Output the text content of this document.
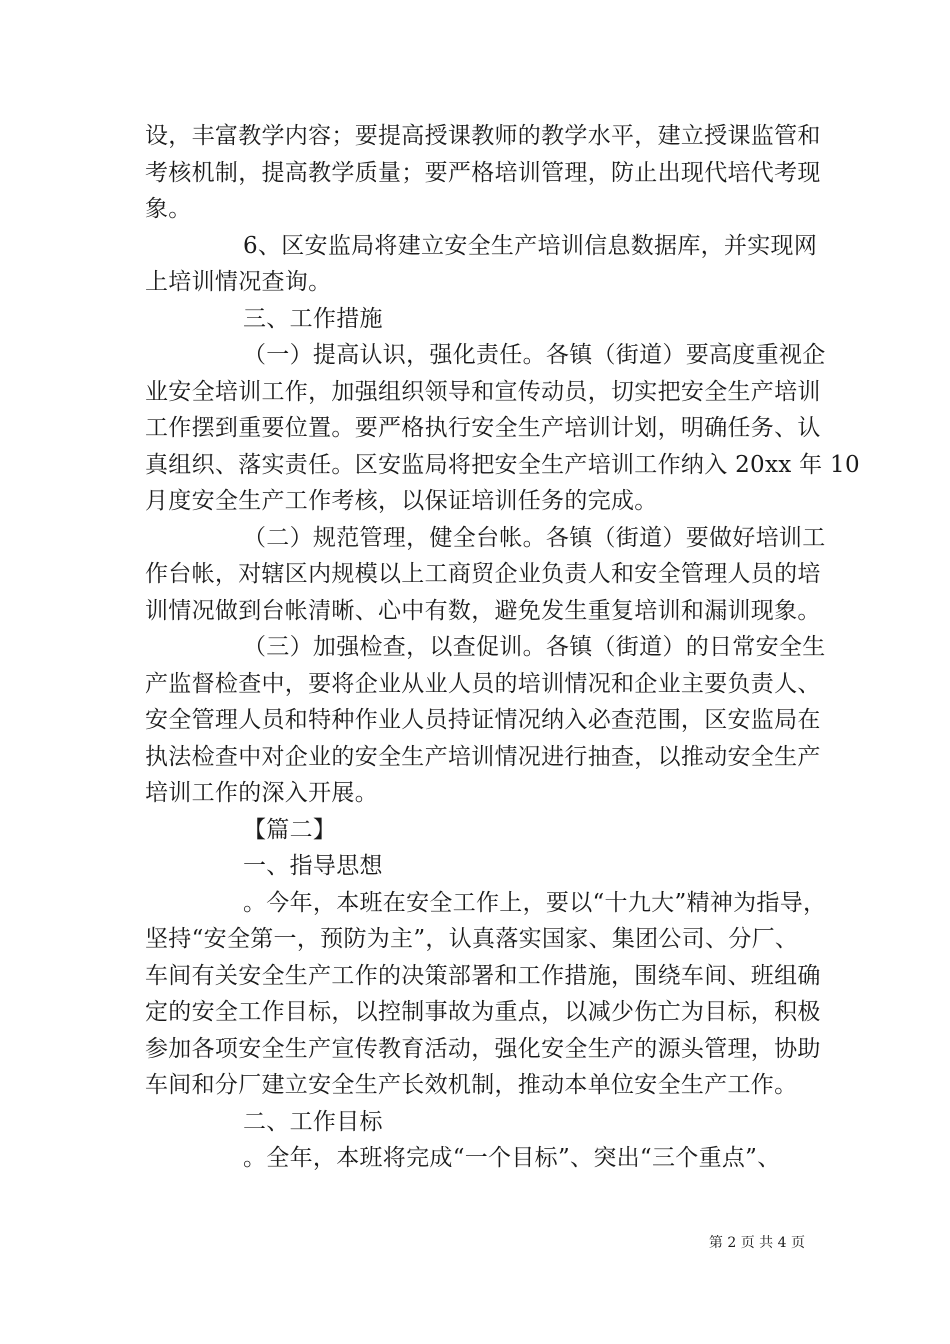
设，丰富教学内容；要提高授课教师的教学水平，建立授课监管和
考核机制，提高教学质量；要严格培训管理，防止出现代培代考现
象。
6、区安监局将建立安全生产培训信息数据库，并实现网
上培训情况查询。
三、工作措施
（一）提高认识，强化责任。各镇（街道）要高度重视企
业安全培训工作，加强组织领导和宣传动员，切实把安全生产培训
工作摆到重要位置。要严格执行安全生产培训计划，明确任务、认
真组织、落实责任。区安监局将把安全生产培训工作纳入 20xx 年 10
月度安全生产工作考核，以保证培训任务的完成。
（二）规范管理，健全台帐。各镇（街道）要做好培训工
作台帐，对辖区内规模以上工商贸企业负责人和安全管理人员的培
训情况做到台帐清晰、心中有数，避免发生重复培训和漏训现象。
（三）加强检查，以查促训。各镇（街道）的日常安全生
产监督检查中，要将企业从业人员的培训情况和企业主要负责人、
安全管理人员和特种作业人员持证情况纳入必查范围，区安监局在
执法检查中对企业的安全生产培训情况进行抽查，以推动安全生产
培训工作的深入开展。
【篇二】
一、指导思想
。今年，本班在安全工作上，要以“十九大”精神为指导，
坚持“安全第一，预防为主”，认真落实国家、集团公司、分厂、
车间有关安全生产工作的决策部署和工作措施，围绕车间、班组确
定的安全工作目标，以控制事故为重点，以减少伤亡为目标，积极
参加各项安全生产宣传教育活动，强化安全生产的源头管理，协助
车间和分厂建立安全生产长效机制，推动本单位安全生产工作。
二、工作目标
。全年，本班将完成“一个目标”、突出“三个重点”、
第 2 页 共 4 页
